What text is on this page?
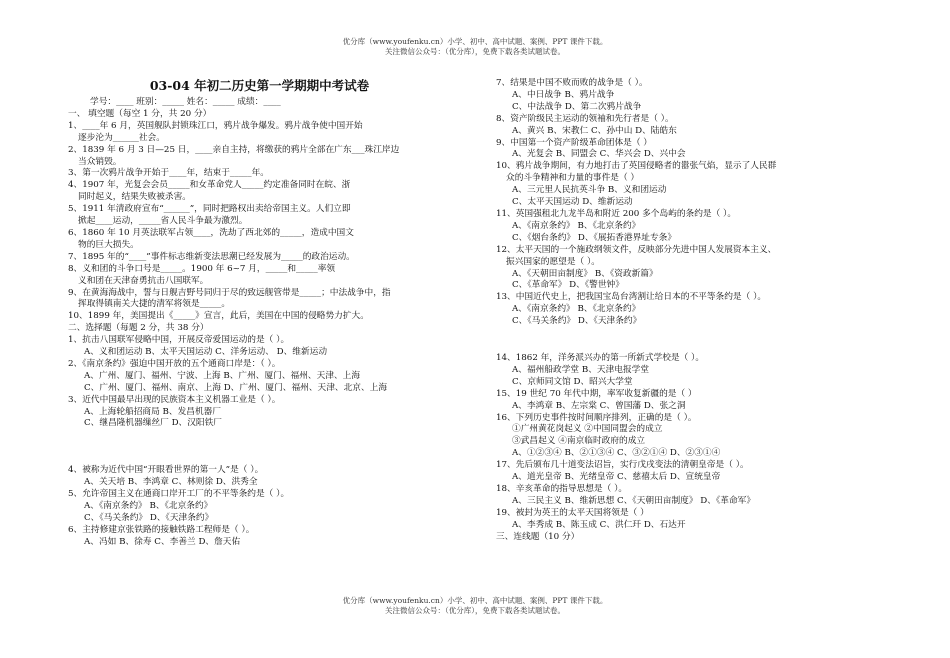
优分库（www.youfenku.cn）小学、初中、高中试题、案例、PPT 课件下载。
关注微信公众号：（优分库），免费下载各类试题试卷。
03-04 年初二历史第一学期期中考试卷
学号：____ 班别：_____ 姓名：_____ 成绩：____
一、 填空题（每空 1 分，共 20 分）
1、____年 6 月，英国舰队封锁珠江口，鸦片战争爆发。鸦片战争使中国开始
逐步沦为______社会。
2、1839 年 6 月 3 日—25 日，____亲自主持，将缴获的鸦片全部在广东___珠江岸边
当众销毁。
3、第一次鸦片战争开始于____年，结束于_____年。
4、1907 年，光复会会员_____和女革命党人_____约定准备同时在皖、浙
同时起义，结果失败被杀害。
5、1911 年清政府宣布“______”，同时把路权出卖给帝国主义。人们立即
掀起____运动，_____省人民斗争最为激烈。
6、1860 年 10 月英法联军占领____，洗劫了西北郊的_____，造成中国文
物的巨大损失。
7、1895 年的“____”事件标志维新变法思潮已经发展为_____的政治运动。
8、义和团的斗争口号是_____。1900 年 6~7 月，_____和_____率领
义和团在天津奋勇抗击八国联军。
9、在黄海海战中，誓与日舰吉野号同归于尽的致远舰管带是_____；中法战争中，指
挥取得镇南关大捷的清军将领是_____。
10、1899 年，美国提出《_____》宣言，此后，美国在中国的侵略势力扩大。
二、选择题（每题 2 分，共 38 分）
1、抗击八国联军侵略中国，开展反帝爱国运动的是（ ）。
A、义和团运动 B、太平天国运动 C、洋务运动、 D、维新运动
2、《南京条约》强迫中国开放的五个通商口岸是：（ ）。
A、广州、厦门、福州、宁波、上海 B、广州、厦门、福州、天津、上海
C、广州、厦门、福州、南京、上海 D、广州、厦门、福州、天津、北京、上海
3、近代中国最早出现的民族资本主义机器工业是（ ）。
A、上海轮船招商局 B、发昌机器厂
C、继昌隆机器缫丝厂 D、汉阳铁厂
4、被称为近代中国“开眼看世界的第一人”是（ ）。
A、关天培 B、李鸿章 C、林则徐 D、洪秀全
5、允许帝国主义在通商口岸开工厂的不平等条约是（ ）。
A、《南京条约》 B、《北京条约》
C、《马关条约》 D、《天津条约》
6、主持修建京张铁路的接触铁路工程师是（ ）。
A、冯如 B、徐寿 C、李善兰 D、詹天佑
7、结果是中国不败而败的战争是（ ）。
A、中日战争 B、鸦片战争
C、中法战争 D、第二次鸦片战争
8、资产阶级民主运动的领袖和先行者是（ ）。
A、黄兴 B、宋教仁 C、孙中山 D、陆皓东
9、中国第一个资产阶级革命团体是（ ）
A、光复会 B、同盟会 C、华兴会 D、兴中会
10、鸦片战争期间，有力地打击了英国侵略者的嚣张气焰，显示了人民群
众的斗争精神和力量的事件是（ ）
A、三元里人民抗英斗争 B、义和团运动
C、太平天国运动 D、维新运动
11、英国强租北九龙半岛和附近 200 多个岛屿的条约是（ ）。
A、《南京条约》 B、《北京条约》
C、《烟台条约》 D、《展拓香港界址专条》
12、太平天国的一个施政纲领文件，反映部分先进中国人发展资本主义、
振兴国家的愿望是（ ）。
A、《天朝田亩制度》 B、《资政新篇》
C、《革命军》 D、《警世钟》
13、中国近代史上，把我国宝岛台湾割让给日本的不平等条约是（ ）。
A、《南京条约》 B、《北京条约》
C、《马关条约》 D、《天津条约》
14、1862 年，洋务派兴办的第一所新式学校是（ ）。
A、福州船政学堂 B、天津电报学堂
C、京师同文馆 D、昭兴大学堂
15、19 世纪 70 年代中期，率军收复新疆的是（ ）
A、李鸿章 B、左宗棠 C、曾国藩 D、张之洞
16、下列历史事件按时间顺序排列，正确的是（ ）。
①广州黄花岗起义 ②中国同盟会的成立
③武昌起义 ④南京临时政府的成立
A、①②③④ B、②①③④ C、③②①④ D、②③①④
17、先后颁布几十道变法诏旨，实行戊戌变法的清朝皇帝是（ ）。
A、道光皇帝 B、光绪皇帝 C、慈禧太后 D、宣统皇帝
18、辛亥革命的指导思想是（ ）。
A、三民主义 B、维新思想 C、《天朝田亩制度》 D、《革命军》
19、被封为英王的太平天国将领是（ ）
A、李秀成 B、陈玉成 C、洪仁玕 D、石达开
三、连线题（10 分）
优分库（www.youfenku.cn）小学、初中、高中试题、案例、PPT 课件下载。
关注微信公众号：（优分库），免费下载各类试题试卷。
